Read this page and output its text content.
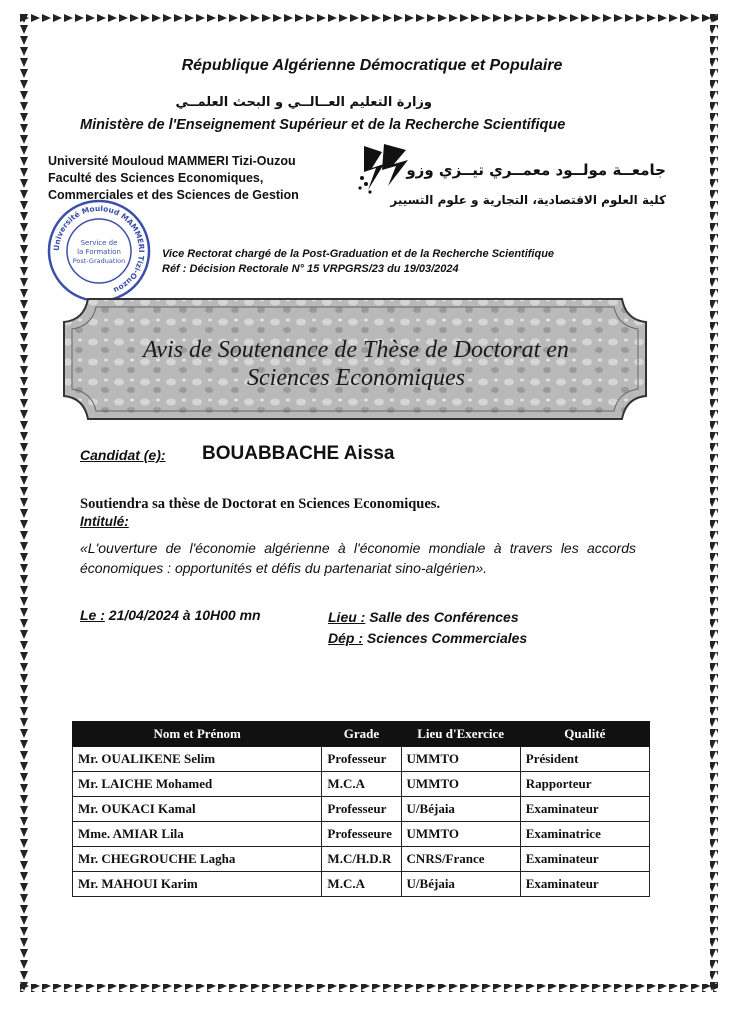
République Algérienne Démocratique et Populaire
وزارة التعليم العــالــي و البحث العلمــي
Ministère de l'Enseignement Supérieur et de la Recherche Scientifique
Université Mouloud MAMMERI Tizi-Ouzou
Faculté des Sciences Economiques,
Commerciales et des Sciences de Gestion
جامعــة مولــود معمــري تيــزي وزو
كلية العلوم الاقتصادية، التجارية و علوم التسيير
Université Mouloud MAMMERI Tizi-Ouzou
Service de
la Formation
Post-Graduation
Vice Rectorat chargé de la Post-Graduation et de la Recherche Scientifique
Réf : Décision Rectorale N° 15 VRPGRS/23 du 19/03/2024
Avis de Soutenance de Thèse de Doctorat en
Sciences Economiques
Candidat (e): BOUABBACHE Aissa
Soutiendra sa thèse de Doctorat en Sciences Economiques.
Intitulé:
«L'ouverture de l'économie algérienne à l'économie mondiale à travers les accords économiques : opportunités et défis du partenariat sino-algérien».
Le : 21/04/2024 à 10H00 mn	Lieu : Salle des Conférences
Dép : Sciences Commerciales
Nom et Prénom	Grade	Lieu d'Exercice	Qualité
Mr. OUALIKENE Selim	Professeur	UMMTO	Président
Mr. LAICHE Mohamed	M.C.A	UMMTO	Rapporteur
Mr. OUKACI Kamal	Professeur	U/Béjaia	Examinateur
Mme. AMIAR Lila	Professeure	UMMTO	Examinatrice
Mr. CHEGROUCHE Lagha	M.C/H.D.R	CNRS/France	Examinateur
Mr. MAHOUI Karim	M.C.A	U/Béjaia	Examinateur
